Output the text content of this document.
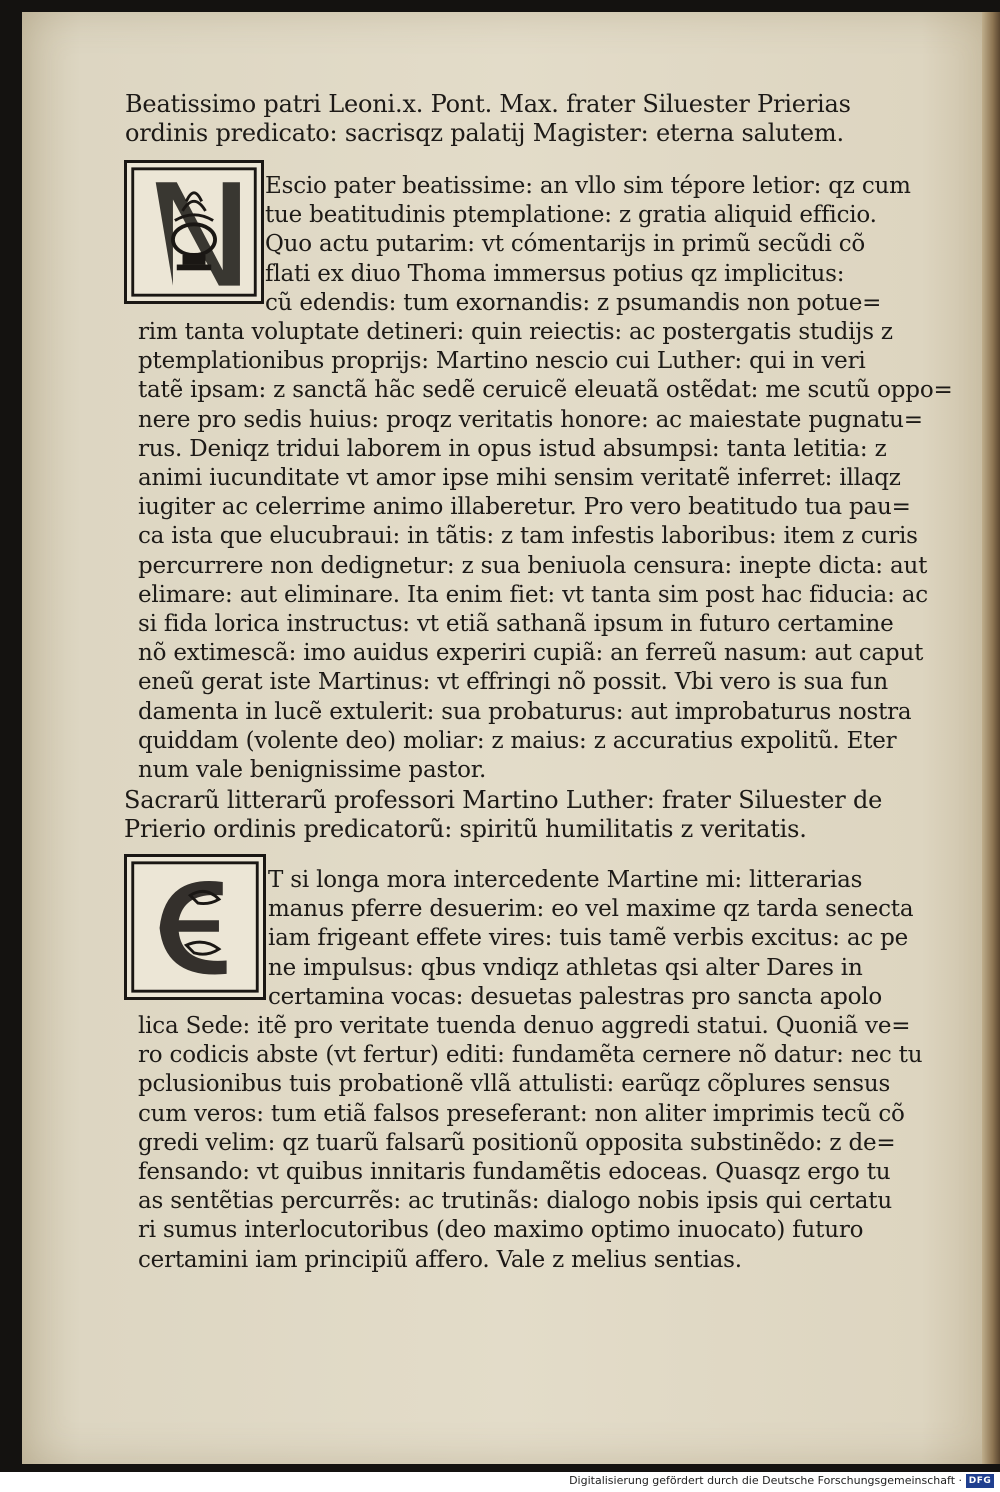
Beatissimo patri Leoni.x. Pont. Max. frater Siluester Prierias
ordinis predicato: sacrisqz palatij Magister: eterna salutem.
Escio pater beatissime: an vllo sim tépore letior: qz cum
tue beatitudinis ptemplatione: z gratia aliquid efficio.
Quo actu putarim: vt cómentarijs in primũ secũdi cõ
flati ex diuo Thoma immersus potius qz implicitus:
cũ edendis: tum exornandis: z psumandis non potue=
rim tanta voluptate detineri: quin reiectis: ac postergatis studijs z
ptemplationibus proprijs: Martino nescio cui Luther: qui in veri
tatẽ ipsam: z sanctã hãc sedẽ ceruicẽ eleuatã ostẽdat: me scutũ oppo=
nere pro sedis huius: proqz veritatis honore: ac maiestate pugnatu=
rus. Deniqz tridui laborem in opus istud absumpsi: tanta letitia: z
animi iucunditate vt amor ipse mihi sensim veritatẽ inferret: illaqz
iugiter ac celerrime animo illaberetur. Pro vero beatitudo tua pau=
ca ista que elucubraui: in tãtis: z tam infestis laboribus: item z curis
percurrere non dedignetur: z sua beniuola censura: inepte dicta: aut
elimare: aut eliminare. Ita enim fiet: vt tanta sim post hac fiducia: ac
si fida lorica instructus: vt etiã sathanã ipsum in futuro certamine
nõ extimescã: imo auidus experiri cupiã: an ferreũ nasum: aut caput
eneũ gerat iste Martinus: vt effringi nõ possit. Vbi vero is sua fun
damenta in lucẽ extulerit: sua probaturus: aut improbaturus nostra
quiddam (volente deo) moliar: z maius: z accuratius expolitũ. Eter
num vale benignissime pastor.
Sacrarũ litterarũ professori Martino Luther: frater Siluester de
Prierio ordinis predicatorũ: spiritũ humilitatis z veritatis.
T si longa mora intercedente Martine mi: litterarias
manus pferre desuerim: eo vel maxime qz tarda senecta
iam frigeant effete vires: tuis tamẽ verbis excitus: ac pe
ne impulsus: qbus vndiqz athletas qsi alter Dares in
certamina vocas: desuetas palestras pro sancta apolo
lica Sede: itẽ pro veritate tuenda denuo aggredi statui. Quoniã ve=
ro codicis abste (vt fertur) editi: fundamẽta cernere nõ datur: nec tu
pclusionibus tuis probationẽ vllã attulisti: earũqz cõplures sensus
cum veros: tum etiã falsos preseferant: non aliter imprimis tecũ cõ
gredi velim: qz tuarũ falsarũ positionũ opposita substinẽdo: z de=
fensando: vt quibus innitaris fundamẽtis edoceas. Quasqz ergo tu
as sentẽtias percurrẽs: ac trutinãs: dialogo nobis ipsis qui certatu
ri sumus interlocutoribus (deo maximo optimo inuocato) futuro
certamini iam principiũ affero. Vale z melius sentias.
Digitalisierung gefördert durch die Deutsche Forschungsgemeinschaft · DFG
